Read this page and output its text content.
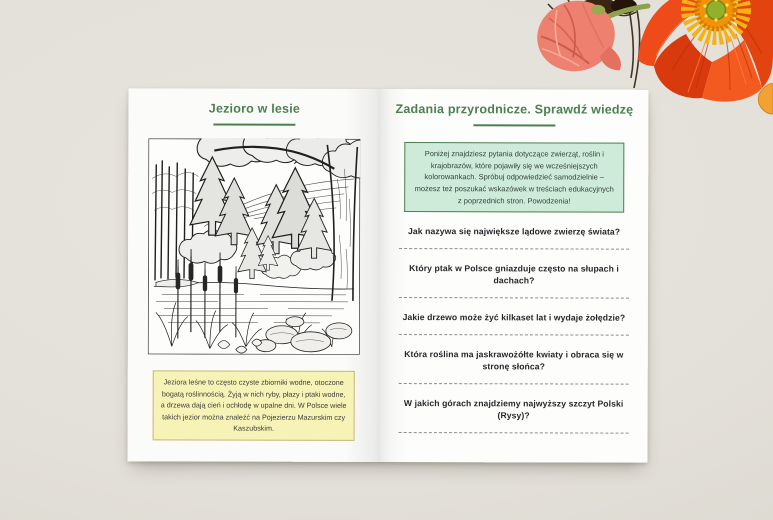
Jezioro w lesie
Jeziora leśne to często czyste zbiorniki wodne, otoczone bogatą roślinnością. Żyją w nich ryby, płazy i ptaki wodne, a drzewa dają cień i ochłodę w upalne dni. W Polsce wiele takich jezior można znaleźć na Pojezierzu Mazurskim czy Kaszubskim.
Zadania przyrodnicze. Sprawdź wiedzę
Poniżej znajdziesz pytania dotyczące zwierząt, roślin i krajobrazów, które pojawiły się we wcześniejszych kolorowankach. Spróbuj odpowiedzieć samodzielnie – możesz też poszukać wskazówek w treściach edukacyjnych z poprzednich stron. Powodzenia!
Jak nazywa się największe lądowe zwierzę świata?
Który ptak w Polsce gniazduje często na słupach i dachach?
Jakie drzewo może żyć kilkaset lat i wydaje żołędzie?
Która roślina ma jaskrawożółte kwiaty i obraca się w stronę słońca?
W jakich górach znajdziemy najwyższy szczyt Polski (Rysy)?
